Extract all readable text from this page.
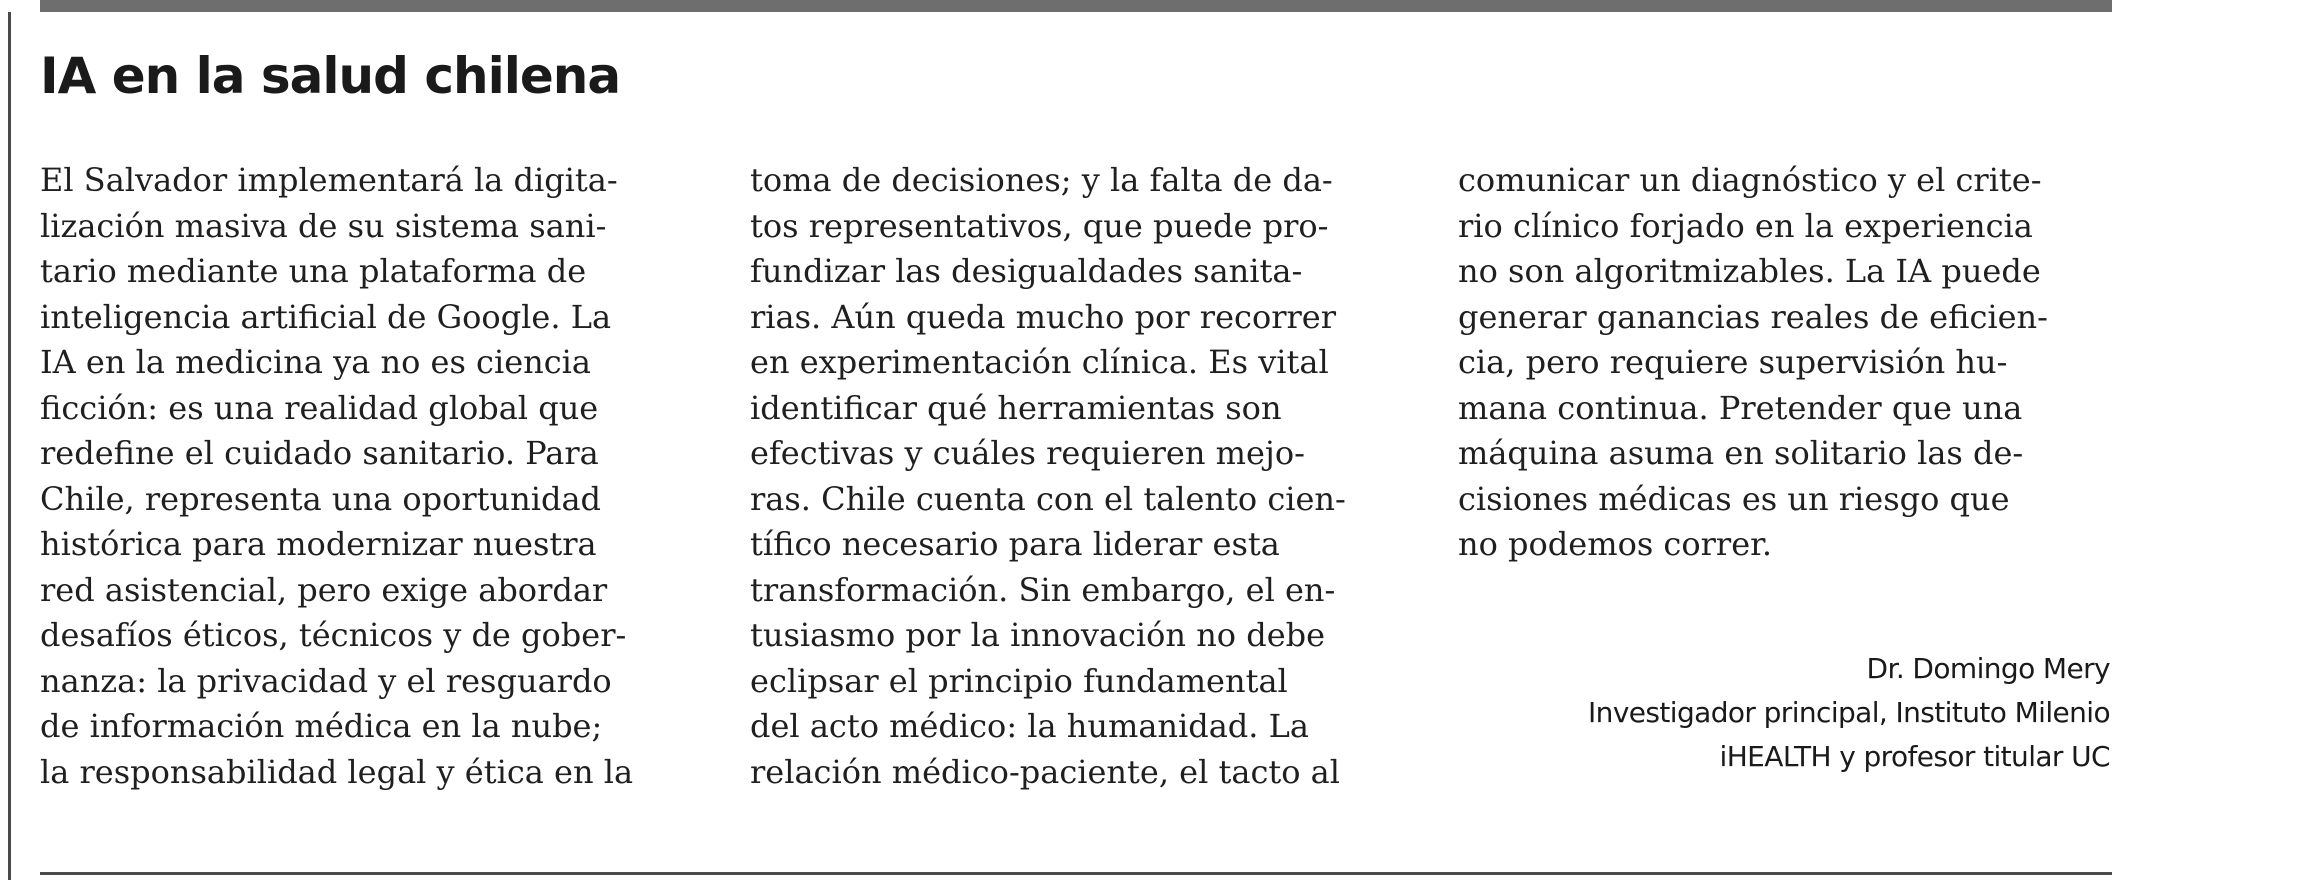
IA en la salud chilena
El Salvador implementará la digita-
lización masiva de su sistema sani-
tario mediante una plataforma de
inteligencia artificial de Google. La
IA en la medicina ya no es ciencia
ficción: es una realidad global que
redefine el cuidado sanitario. Para
Chile, representa una oportunidad
histórica para modernizar nuestra
red asistencial, pero exige abordar
desafíos éticos, técnicos y de gober-
nanza: la privacidad y el resguardo
de información médica en la nube;
la responsabilidad legal y ética en la
toma de decisiones; y la falta de da-
tos representativos, que puede pro-
fundizar las desigualdades sanita-
rias. Aún queda mucho por recorrer
en experimentación clínica. Es vital
identificar qué herramientas son
efectivas y cuáles requieren mejo-
ras. Chile cuenta con el talento cien-
tífico necesario para liderar esta
transformación. Sin embargo, el en-
tusiasmo por la innovación no debe
eclipsar el principio fundamental
del acto médico: la humanidad. La
relación médico-paciente, el tacto al
comunicar un diagnóstico y el crite-
rio clínico forjado en la experiencia
no son algoritmizables. La IA puede
generar ganancias reales de eficien-
cia, pero requiere supervisión hu-
mana continua. Pretender que una
máquina asuma en solitario las de-
cisiones médicas es un riesgo que
no podemos correr.
Dr. Domingo Mery
Investigador principal, Instituto Milenio
iHEALTH y profesor titular UC
